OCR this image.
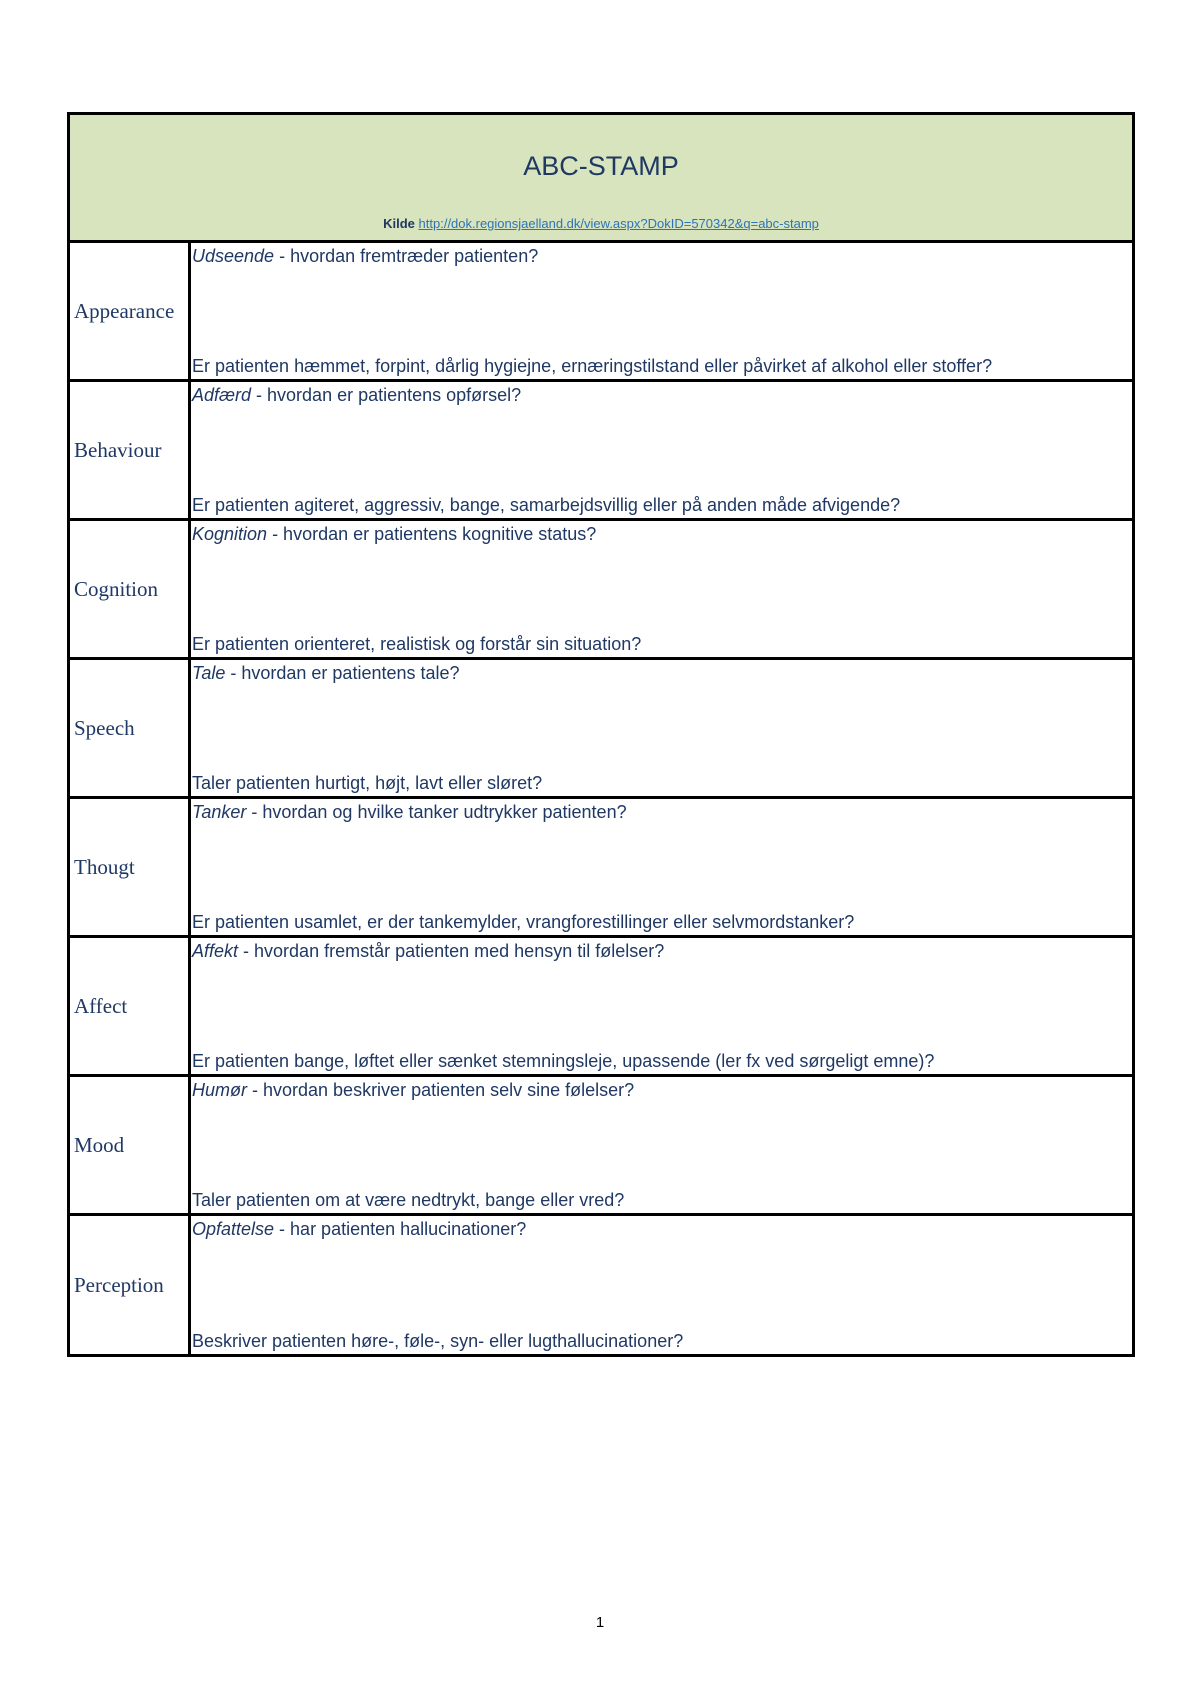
ABC-STAMP
Kilde http://dok.regionsjaelland.dk/view.aspx?DokID=570342&q=abc-stamp
Appearance
Udseende - hvordan fremtræder patienten?
Er patienten hæmmet, forpint, dårlig hygiejne, ernæringstilstand eller påvirket af alkohol eller stoffer?
Behaviour
Adfærd - hvordan er patientens opførsel?
Er patienten agiteret, aggressiv, bange, samarbejdsvillig eller på anden måde afvigende?
Cognition
Kognition - hvordan er patientens kognitive status?
Er patienten orienteret, realistisk og forstår sin situation?
Speech
Tale - hvordan er patientens tale?
Taler patienten hurtigt, højt, lavt eller sløret?
Thougt
Tanker - hvordan og hvilke tanker udtrykker patienten?
Er patienten usamlet, er der tankemylder, vrangforestillinger eller selvmordstanker?
Affect
Affekt - hvordan fremstår patienten med hensyn til følelser?
Er patienten bange, løftet eller sænket stemningsleje, upassende (ler fx ved sørgeligt emne)?
Mood
Humør - hvordan beskriver patienten selv sine følelser?
Taler patienten om at være nedtrykt, bange eller vred?
Perception
Opfattelse - har patienten hallucinationer?
Beskriver patienten høre-, føle-, syn- eller lugthallucinationer?
1
